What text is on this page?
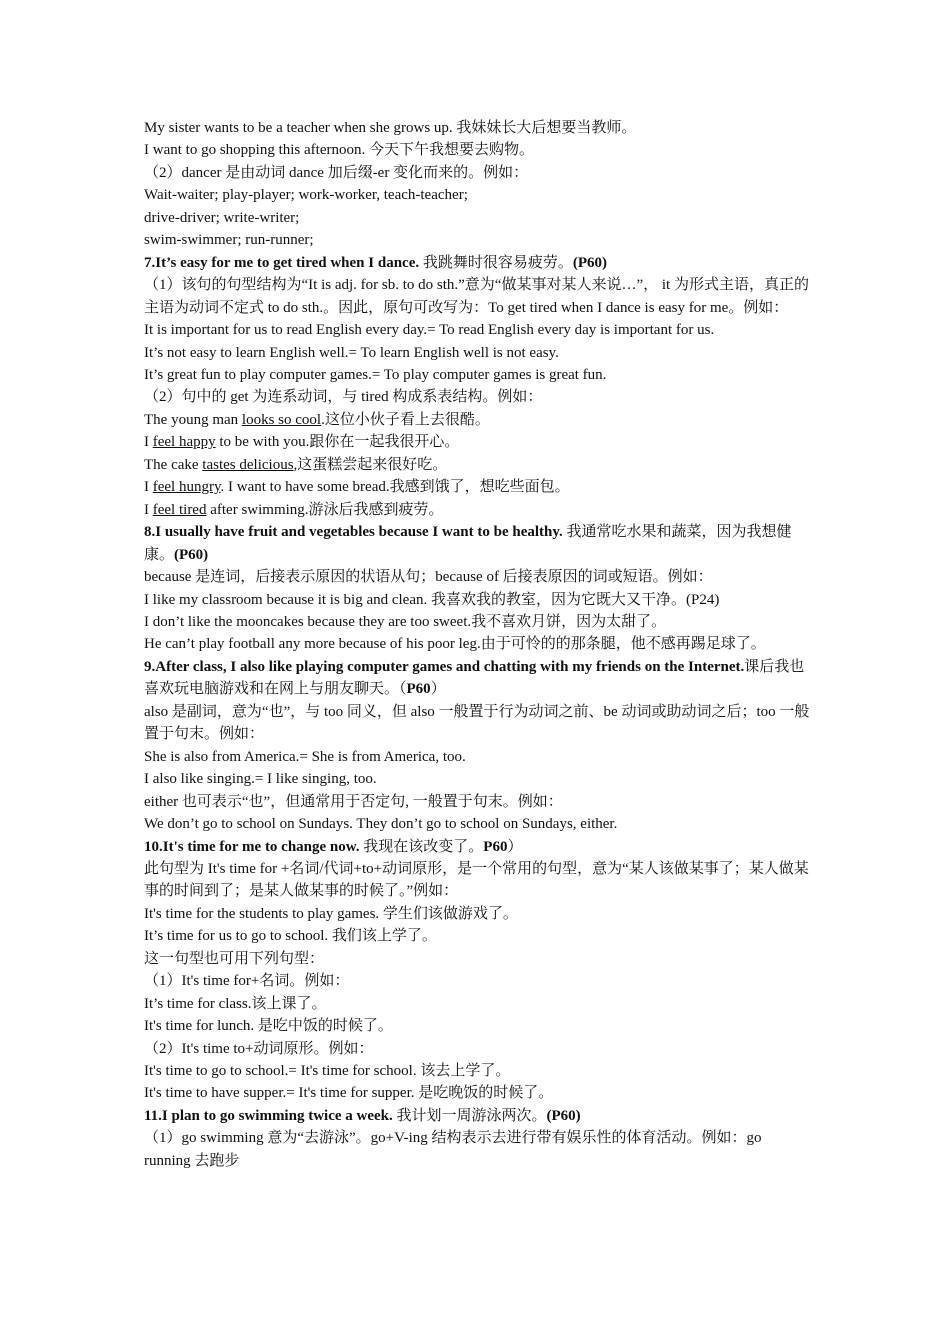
My sister wants to be a teacher when she grows up. 我妹妹长大后想要当教师。
I want to go shopping this afternoon. 今天下午我想要去购物。
（2）dancer 是由动词 dance 加后缀-er 变化而来的。例如：
Wait-waiter; play-player; work-worker, teach-teacher;
drive-driver; write-writer;
swim-swimmer; run-runner;
7.It’s easy for me to get tired when I dance. 我跳舞时很容易疲劳。(P60)
（1）该句的句型结构为“It is adj. for sb. to do sth.”意为“做某事对某人来说…”， it 为形式主语，真正的主语为动词不定式 to do sth.。因此，原句可改写为：To get tired when I dance is easy for me。例如：
It is important for us to read English every day.= To read English every day is important for us.
It’s not easy to learn English well.= To learn English well is not easy.
It’s great fun to play computer games.= To play computer games is great fun.
（2）句中的 get 为连系动词，与 tired 构成系表结构。例如：
The young man looks so cool.这位小伙子看上去很酷。
I feel happy to be with you.跟你在一起我很开心。
The cake tastes delicious,这蛋糕尝起来很好吃。
I feel hungry. I want to have some bread.我感到饿了，想吃些面包。
I feel tired after swimming.游泳后我感到疲劳。
8.I usually have fruit and vegetables because I want to be healthy. 我通常吃水果和蔬菜，因为我想健康。(P60)
because 是连词，后接表示原因的状语从句；because of 后接表原因的词或短语。例如：
I like my classroom because it is big and clean. 我喜欢我的教室，因为它既大又干净。(P24)
I don’t like the mooncakes because they are too sweet.我不喜欢月饼，因为太甜了。
He can’t play football any more because of his poor leg.由于可怜的的那条腿，他不感再踢足球了。
9.After class, I also like playing computer games and chatting with my friends on the Internet.课后我也喜欢玩电脑游戏和在网上与朋友聊天。（P60）
also 是副词，意为“也”，与 too 同义，但 also 一般置于行为动词之前、be 动词或助动词之后；too 一般置于句末。例如：
She is also from America.= She is from America, too.
I also like singing.= I like singing, too.
either 也可表示“也”，但通常用于否定句, 一般置于句末。例如：
We don’t go to school on Sundays. They don’t go to school on Sundays, either.
10.It's time for me to change now. 我现在该改变了。P60）
此句型为 It's time for +名词/代词+to+动词原形，是一个常用的句型，意为“某人该做某事了；某人做某事的时间到了；是某人做某事的时候了。”例如：
It's time for the students to play games. 学生们该做游戏了。
It’s time for us to go to school. 我们该上学了。
这一句型也可用下列句型：
（1）It's time for+名词。例如：
It’s time for class.该上课了。
It's time for lunch. 是吃中饭的时候了。
（2）It's time to+动词原形。例如：
It's time to go to school.= It's time for school. 该去上学了。
It's time to have supper.= It's time for supper. 是吃晚饭的时候了。
11.I plan to go swimming twice a week. 我计划一周游泳两次。(P60)
（1）go swimming 意为“去游泳”。go+V-ing 结构表示去进行带有娱乐性的体育活动。例如：go running 去跑步
